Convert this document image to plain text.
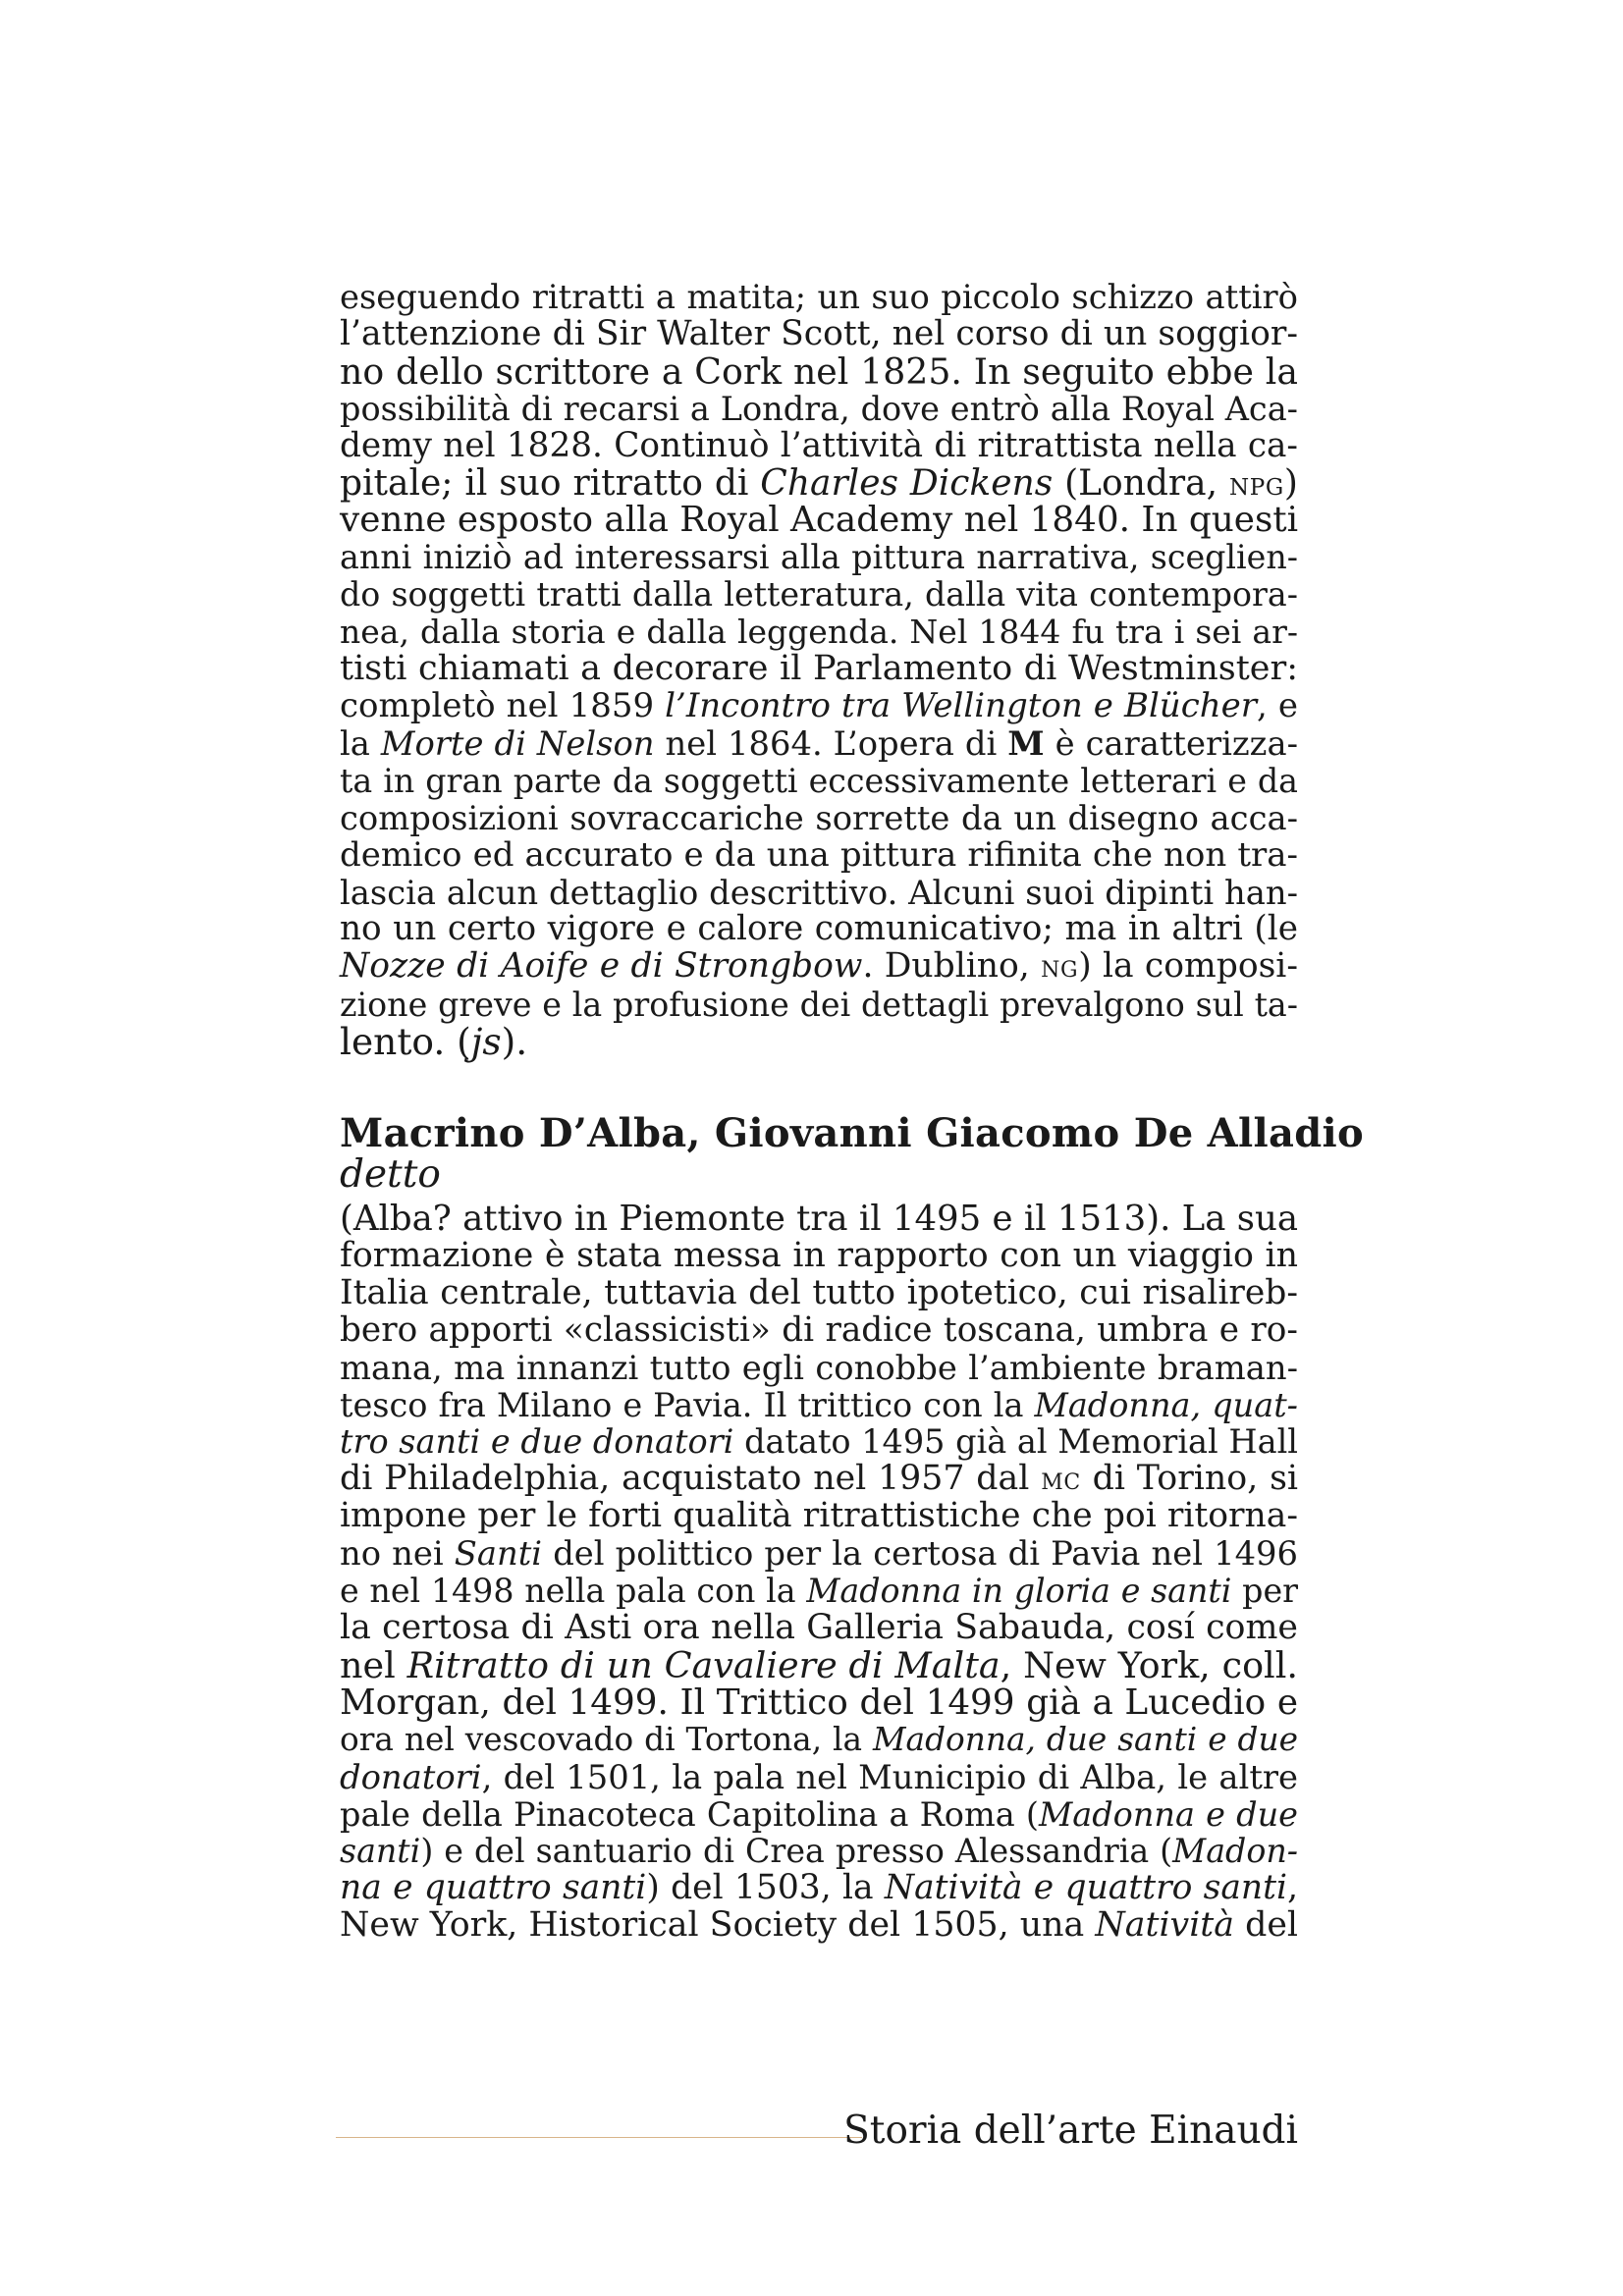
eseguendo ritratti a matita; un suo piccolo schizzo attirò
l’attenzione di Sir Walter Scott, nel corso di un soggior-
no dello scrittore a Cork nel 1825. In seguito ebbe la
possibilità di recarsi a Londra, dove entrò alla Royal Aca-
demy nel 1828. Continuò l’attività di ritrattista nella ca-
pitale; il suo ritratto di Charles Dickens (Londra, npg)
venne esposto alla Royal Academy nel 1840. In questi
anni iniziò ad interessarsi alla pittura narrativa, sceglien-
do soggetti tratti dalla letteratura, dalla vita contempora-
nea, dalla storia e dalla leggenda. Nel 1844 fu tra i sei ar-
tisti chiamati a decorare il Parlamento di Westminster:
completò nel 1859 l’Incontro tra Wellington e Blücher, e
la Morte di Nelson nel 1864. L’opera di M è caratterizza-
ta in gran parte da soggetti eccessivamente letterari e da
composizioni sovraccariche sorrette da un disegno acca-
demico ed accurato e da una pittura rifinita che non tra-
lascia alcun dettaglio descrittivo. Alcuni suoi dipinti han-
no un certo vigore e calore comunicativo; ma in altri (le
Nozze di Aoife e di Strongbow. Dublino, ng) la composi-
zione greve e la profusione dei dettagli prevalgono sul ta-
lento. (js).
Macrino D’Alba, Giovanni Giacomo De Alladio
detto
(Alba? attivo in Piemonte tra il 1495 e il 1513). La sua
formazione è stata messa in rapporto con un viaggio in
Italia centrale, tuttavia del tutto ipotetico, cui risalireb-
bero apporti «classicisti» di radice toscana, umbra e ro-
mana, ma innanzi tutto egli conobbe l’ambiente braman-
tesco fra Milano e Pavia. Il trittico con la Madonna, quat-
tro santi e due donatori datato 1495 già al Memorial Hall
di Philadelphia, acquistato nel 1957 dal mc di Torino, si
impone per le forti qualità ritrattistiche che poi ritorna-
no nei Santi del polittico per la certosa di Pavia nel 1496
e nel 1498 nella pala con la Madonna in gloria e santi per
la certosa di Asti ora nella Galleria Sabauda, cosí come
nel Ritratto di un Cavaliere di Malta, New York, coll.
Morgan, del 1499. Il Trittico del 1499 già a Lucedio e
ora nel vescovado di Tortona, la Madonna, due santi e due
donatori, del 1501, la pala nel Municipio di Alba, le altre
pale della Pinacoteca Capitolina a Roma (Madonna e due
santi) e del santuario di Crea presso Alessandria (Madon-
na e quattro santi) del 1503, la Natività e quattro santi,
New York, Historical Society del 1505, una Natività del
Storia dell’arte Einaudi
